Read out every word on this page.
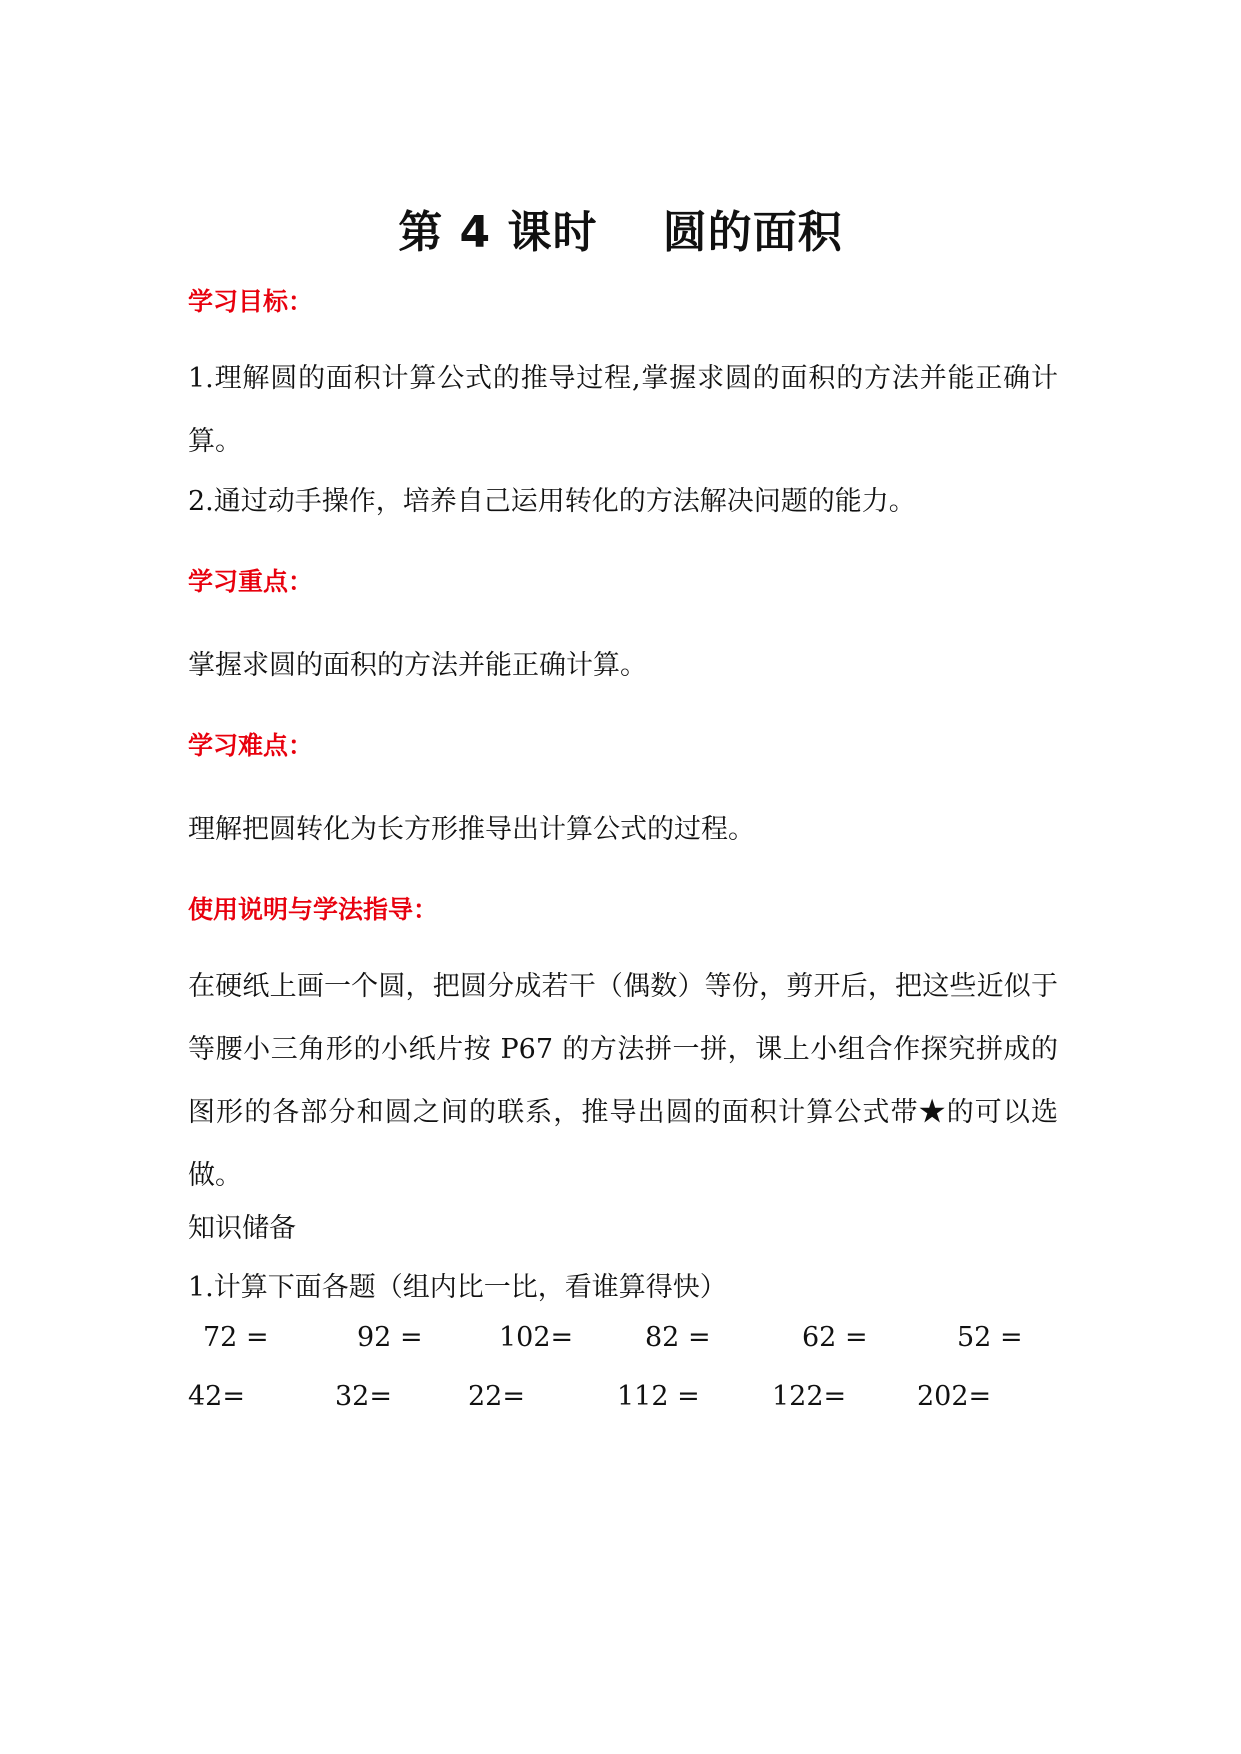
第 4 课时    圆的面积
学习目标：

1.理解圆的面积计算公式的推导过程,掌握求圆的面积的方法并能正确计算。

2.通过动手操作，培养自己运用转化的方法解决问题的能力。

学习重点：

掌握求圆的面积的方法并能正确计算。

学习难点：

理解把圆转化为长方形推导出计算公式的过程。

使用说明与学法指导：

在硬纸上画一个圆，把圆分成若干（偶数）等份，剪开后，把这些近似于等腰小三角形的小纸片按 P67 的方法拼一拼，课上小组合作探究拼成的图形的各部分和圆之间的联系，推导出圆的面积计算公式带★的可以选做。

知识储备

1.计算下面各题（组内比一比，看谁算得快）

72 =	92 =	102=	82 =	62 =	52 =
42=	32=	22=	112 =	122=	202=
